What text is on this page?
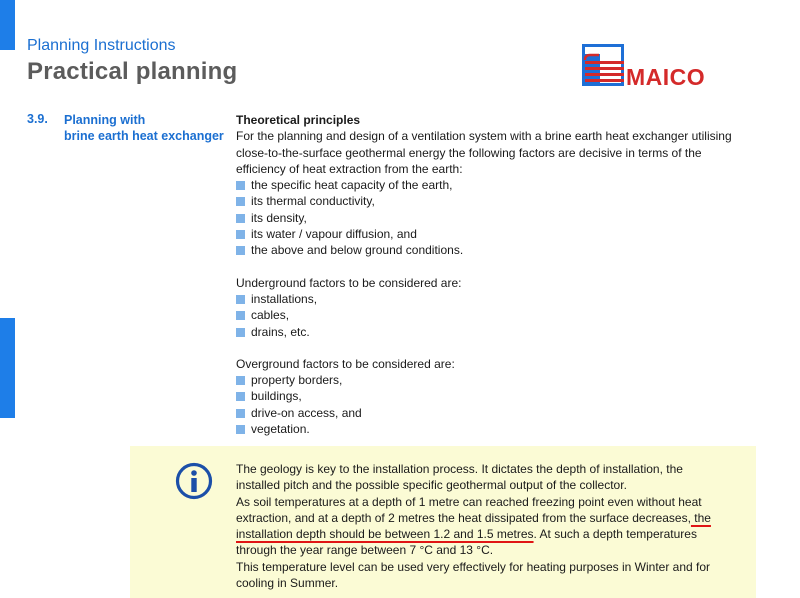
Planning Instructions
Practical planning	MAICO
3.9. Planning with
brine earth heat exchanger

Theoretical principles

For the planning and design of a ventilation system with a brine earth heat exchanger utilising close-to-the-surface geothermal energy the following factors are decisive in terms of the efficiency of heat extraction from the earth:

the specific heat capacity of the earth,
its thermal conductivity,
its density,
its water / vapour diffusion, and
the above and below ground conditions.

Underground factors to be considered are:

installations,
cables,
drains, etc.

Overground factors to be considered are:

property borders,
buildings,
drive-on access, and
vegetation.

The geology is key to the installation process. It dictates the depth of installation, the installed pitch and the possible specific geothermal output of the collector.

As soil temperatures at a depth of 1 metre can reached freezing point even without heat extraction, and at a depth of 2 metres the heat dissipated from the surface decreases, the installation depth should be between 1.2 and 1.5 metres. At such a depth temperatures through the year range between 7 °C and 13 °C.

This temperature level can be used very effectively for heating purposes in Winter and for cooling in Summer.
